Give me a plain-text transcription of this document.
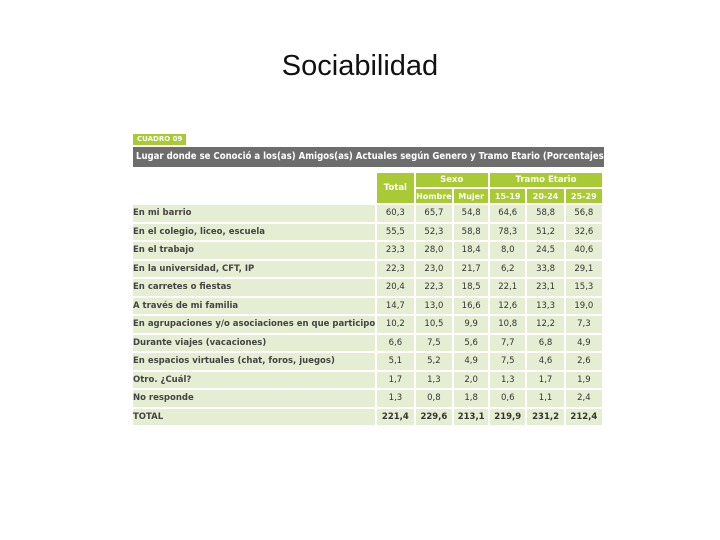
Sociabilidad
CUADRO 09
Lugar donde se Conoció a los(as) Amigos(as) Actuales según Genero y Tramo Etario (Porcentajes)
	Total	Sexo		Tramo Etario		
		Hombre	Mujer	15-19	20-24	25-29
En mi barrio	60,3	65,7	54,8	64,6	58,8	56,8
En el colegio, liceo, escuela	55,5	52,3	58,8	78,3	51,2	32,6
En el trabajo	23,3	28,0	18,4	8,0	24,5	40,6
En la universidad, CFT, IP	22,3	23,0	21,7	6,2	33,8	29,1
En carretes o fiestas	20,4	22,3	18,5	22,1	23,1	15,3
A través de mi familia	14,7	13,0	16,6	12,6	13,3	19,0
En agrupaciones y/o asociaciones en que participo	10,2	10,5	9,9	10,8	12,2	7,3
Durante viajes (vacaciones)	6,6	7,5	5,6	7,7	6,8	4,9
En espacios virtuales (chat, foros, juegos)	5,1	5,2	4,9	7,5	4,6	2,6
Otro. ¿Cuál?	1,7	1,3	2,0	1,3	1,7	1,9
No responde	1,3	0,8	1,8	0,6	1,1	2,4
TOTAL	221,4	229,6	213,1	219,9	231,2	212,4
